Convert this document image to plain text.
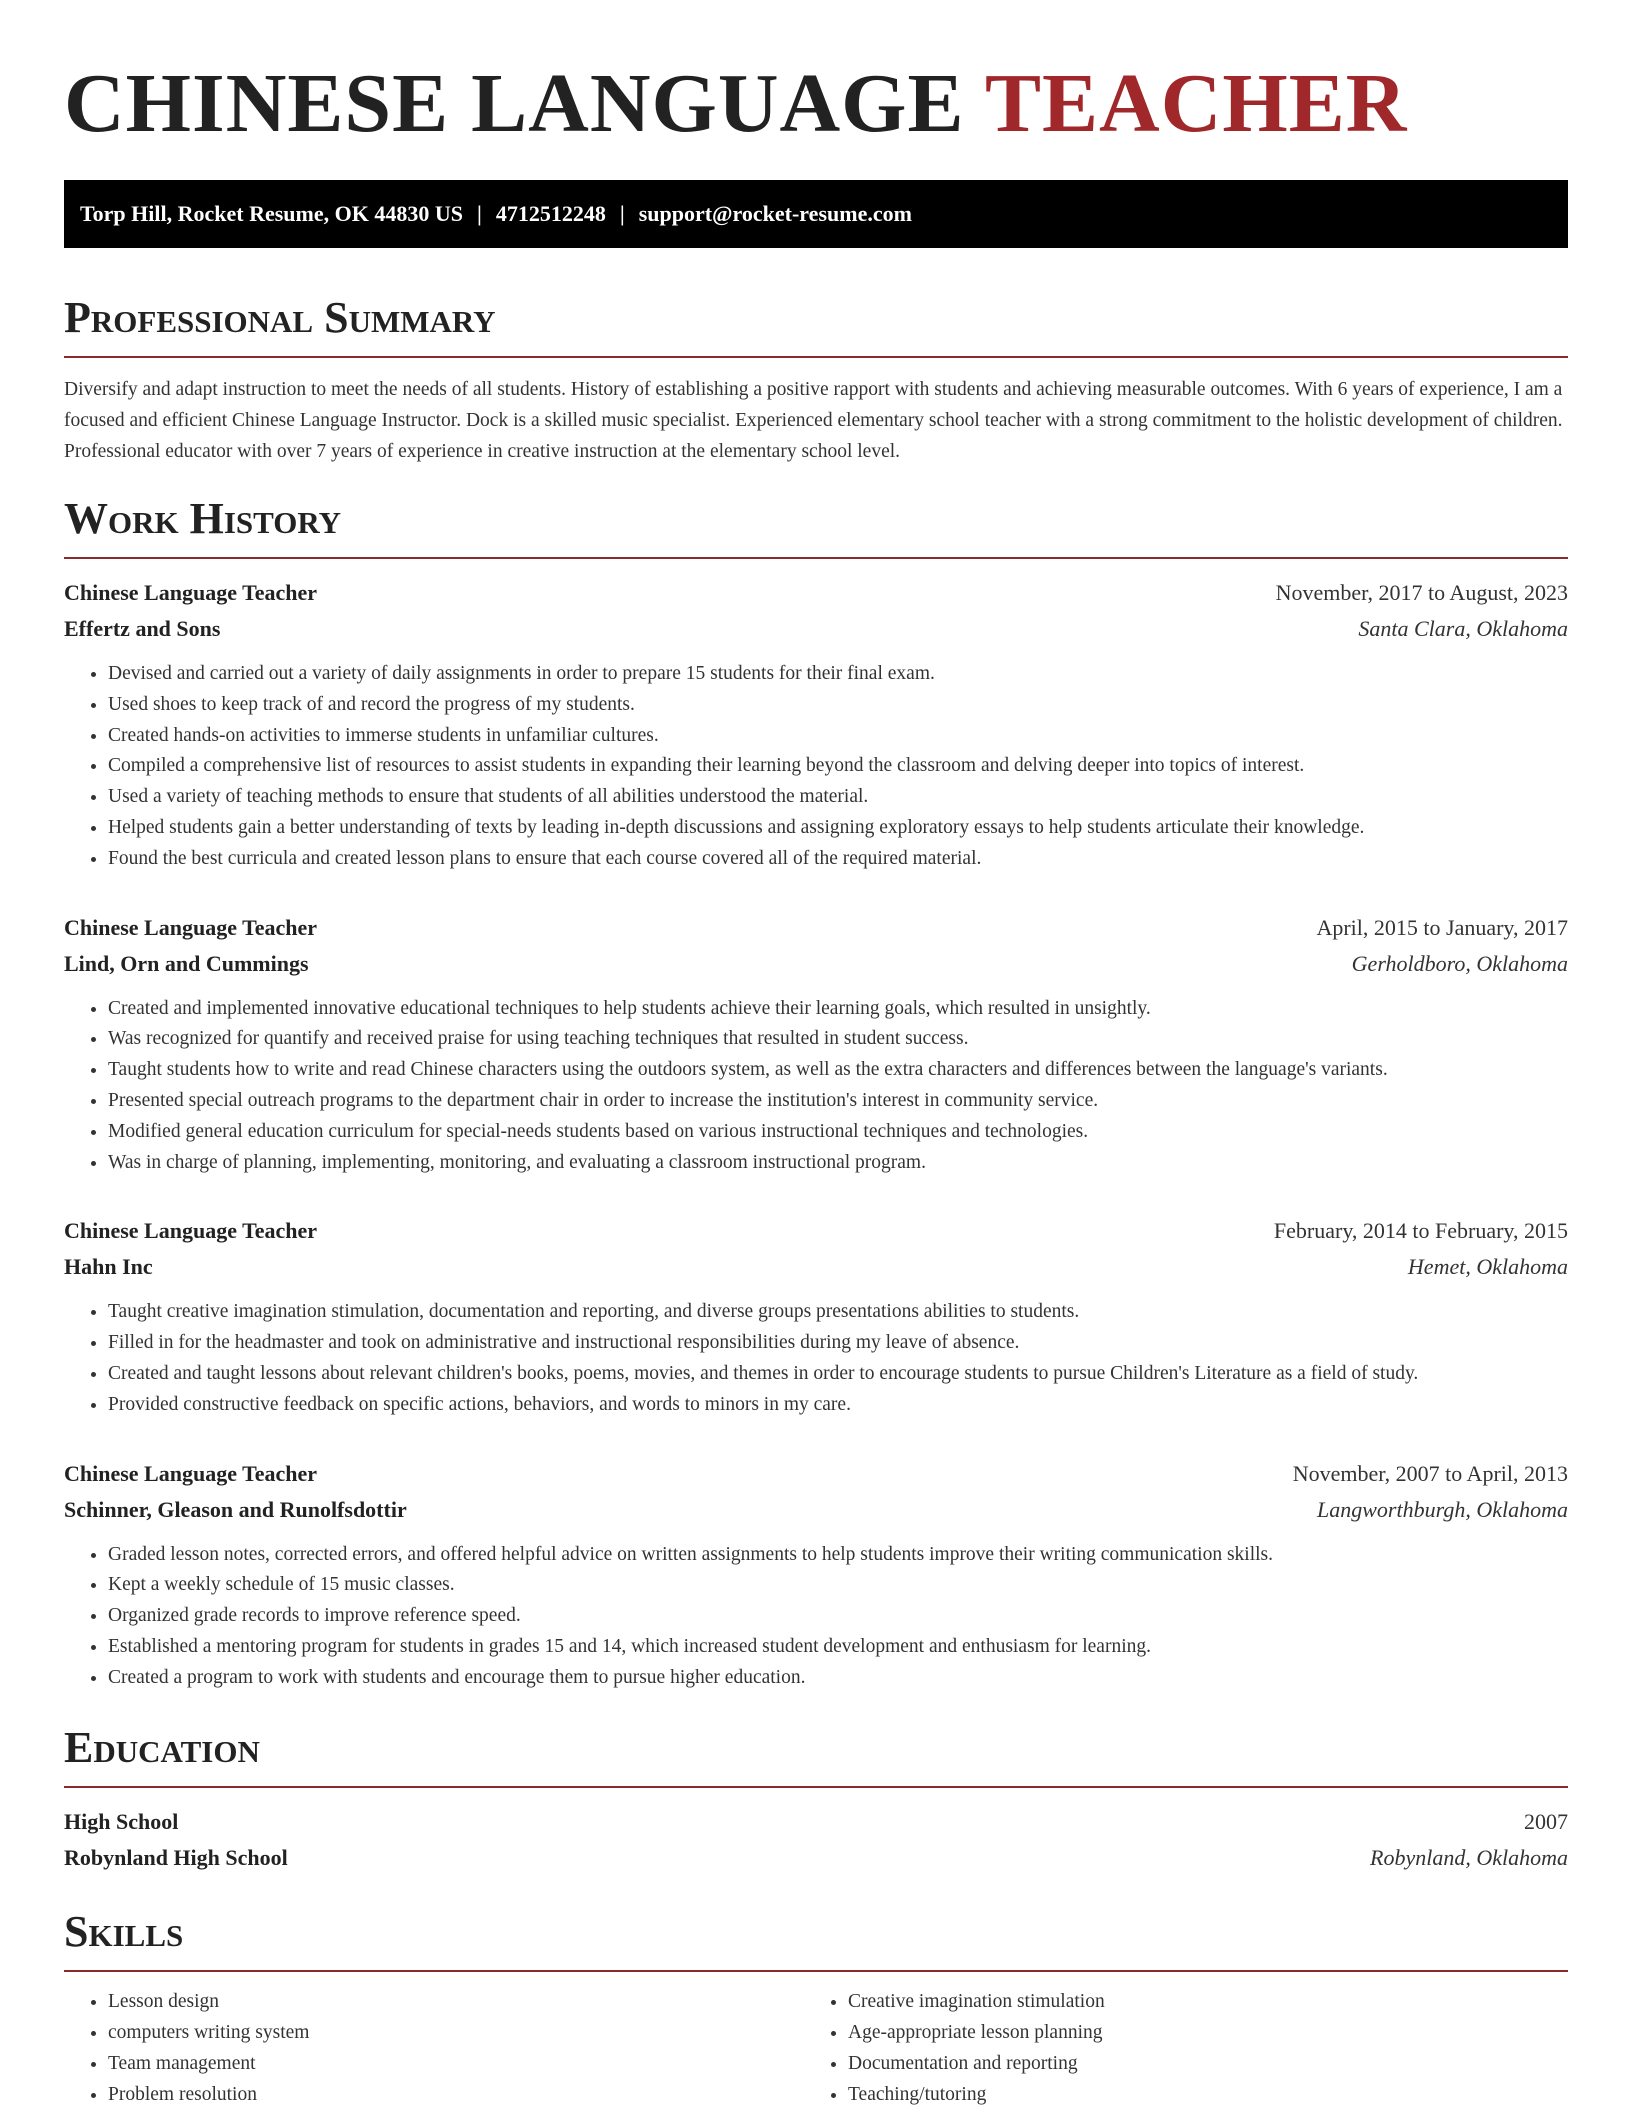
CHINESE LANGUAGE TEACHER
Torp Hill, Rocket Resume, OK 44830 US | 4712512248 | support@rocket-resume.com
Professional Summary

Diversify and adapt instruction to meet the needs of all students. History of establishing a positive rapport with students and achieving measurable outcomes. With 6 years of experience, I am a focused and efficient Chinese Language Instructor. Dock is a skilled music specialist. Experienced elementary school teacher with a strong commitment to the holistic development of children. Professional educator with over 7 years of experience in creative instruction at the elementary school level.

Work History
Chinese Language Teacher	November, 2017 to August, 2023
Effertz and Sons	Santa Clara, Oklahoma
• Devised and carried out a variety of daily assignments in order to prepare 15 students for their final exam.
• Used shoes to keep track of and record the progress of my students.
• Created hands-on activities to immerse students in unfamiliar cultures.
• Compiled a comprehensive list of resources to assist students in expanding their learning beyond the classroom and delving deeper into topics of interest.
• Used a variety of teaching methods to ensure that students of all abilities understood the material.
• Helped students gain a better understanding of texts by leading in-depth discussions and assigning exploratory essays to help students articulate their knowledge.
• Found the best curricula and created lesson plans to ensure that each course covered all of the required material.
Chinese Language Teacher	April, 2015 to January, 2017
Lind, Orn and Cummings	Gerholdboro, Oklahoma
• Created and implemented innovative educational techniques to help students achieve their learning goals, which resulted in unsightly.
• Was recognized for quantify and received praise for using teaching techniques that resulted in student success.
• Taught students how to write and read Chinese characters using the outdoors system, as well as the extra characters and differences between the language's variants.
• Presented special outreach programs to the department chair in order to increase the institution's interest in community service.
• Modified general education curriculum for special-needs students based on various instructional techniques and technologies.
• Was in charge of planning, implementing, monitoring, and evaluating a classroom instructional program.
Chinese Language Teacher	February, 2014 to February, 2015
Hahn Inc	Hemet, Oklahoma
• Taught creative imagination stimulation, documentation and reporting, and diverse groups presentations abilities to students.
• Filled in for the headmaster and took on administrative and instructional responsibilities during my leave of absence.
• Created and taught lessons about relevant children's books, poems, movies, and themes in order to encourage students to pursue Children's Literature as a field of study.
• Provided constructive feedback on specific actions, behaviors, and words to minors in my care.
Chinese Language Teacher	November, 2007 to April, 2013
Schinner, Gleason and Runolfsdottir	Langworthburgh, Oklahoma
• Graded lesson notes, corrected errors, and offered helpful advice on written assignments to help students improve their writing communication skills.
• Kept a weekly schedule of 15 music classes.
• Organized grade records to improve reference speed.
• Established a mentoring program for students in grades 15 and 14, which increased student development and enthusiasm for learning.
• Created a program to work with students and encourage them to pursue higher education.
Education
High School	2007
Robynland High School	Robynland, Oklahoma
Skills
• Lesson design
• computers writing system
• Team management
• Problem resolution
• Creative imagination stimulation
• Age-appropriate lesson planning
• Documentation and reporting
• Teaching/tutoring
